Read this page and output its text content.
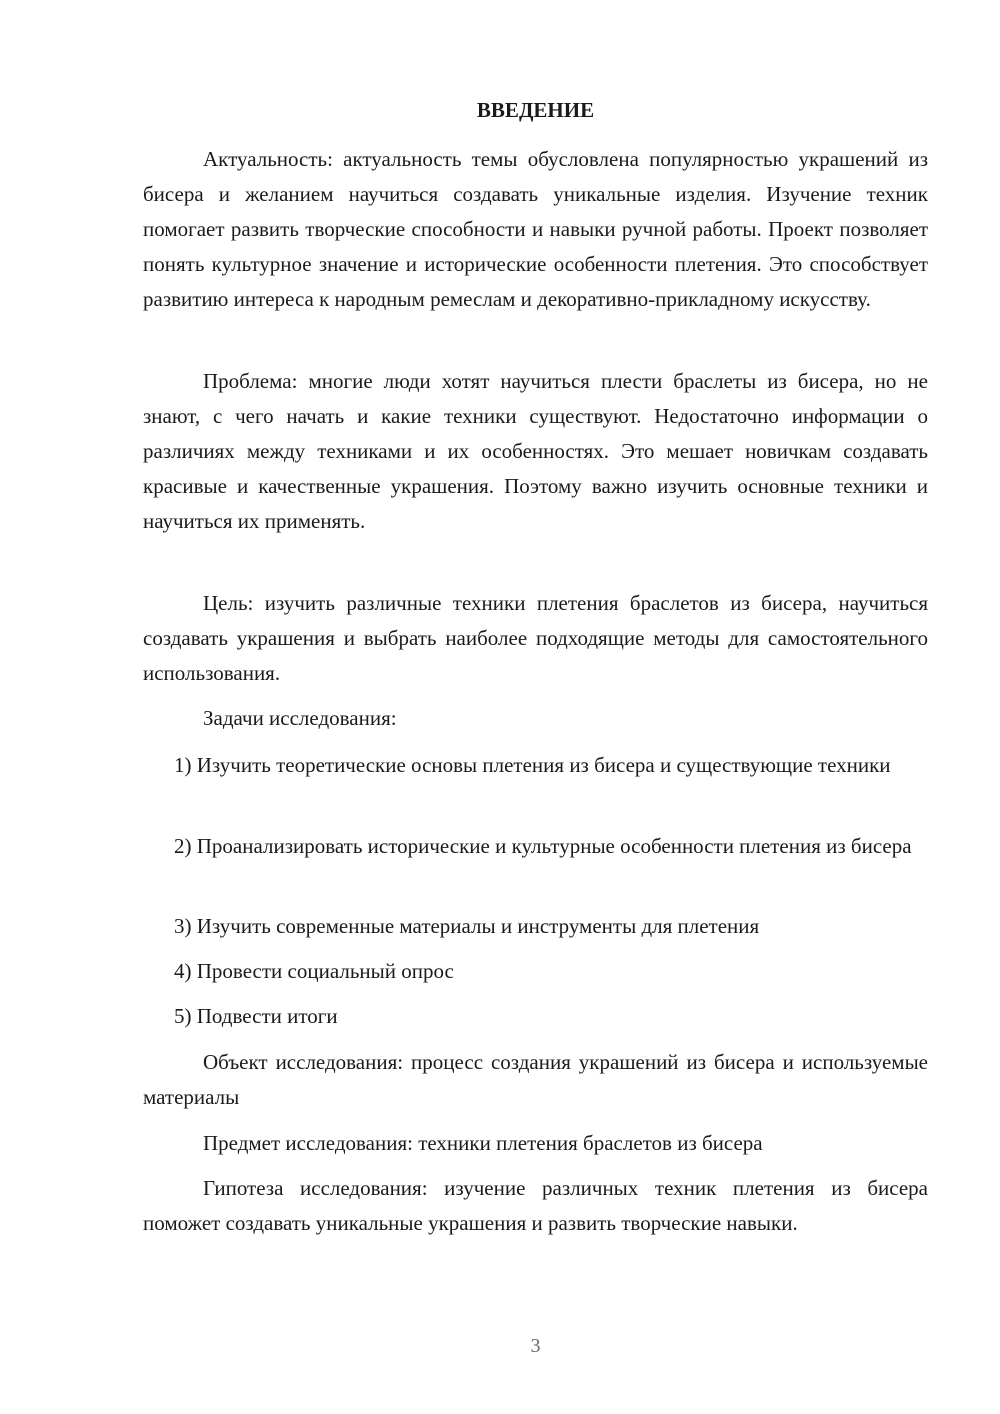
ВВЕДЕНИЕ

Актуальность: актуальность темы обусловлена популярностью украшений из бисера и желанием научиться создавать уникальные изделия. Изучение техник помогает развить творческие способности и навыки ручной работы. Проект позволяет понять культурное значение и исторические особенности плетения. Это способствует развитию интереса к народным ремеслам и декоративно-прикладному искусству.

Проблема: многие люди хотят научиться плести браслеты из бисера, но не знают, с чего начать и какие техники существуют. Недостаточно информации о различиях между техниками и их особенностях. Это мешает новичкам создавать красивые и качественные украшения. Поэтому важно изучить основные техники и научиться их применять.

Цель: изучить различные техники плетения браслетов из бисера, научиться создавать украшения и выбрать наиболее подходящие методы для самостоятельного использования.

Задачи исследования:

1) Изучить теоретические основы плетения из бисера и существующие техники

2) Проанализировать исторические и культурные особенности плетения из бисера

3) Изучить современные материалы и инструменты для плетения

4) Провести социальный опрос

5) Подвести итоги

Объект исследования: процесс создания украшений из бисера и используемые материалы

Предмет исследования: техники плетения браслетов из бисера

Гипотеза исследования: изучение различных техник плетения из бисера поможет создавать уникальные украшения и развить творческие навыки.

3
